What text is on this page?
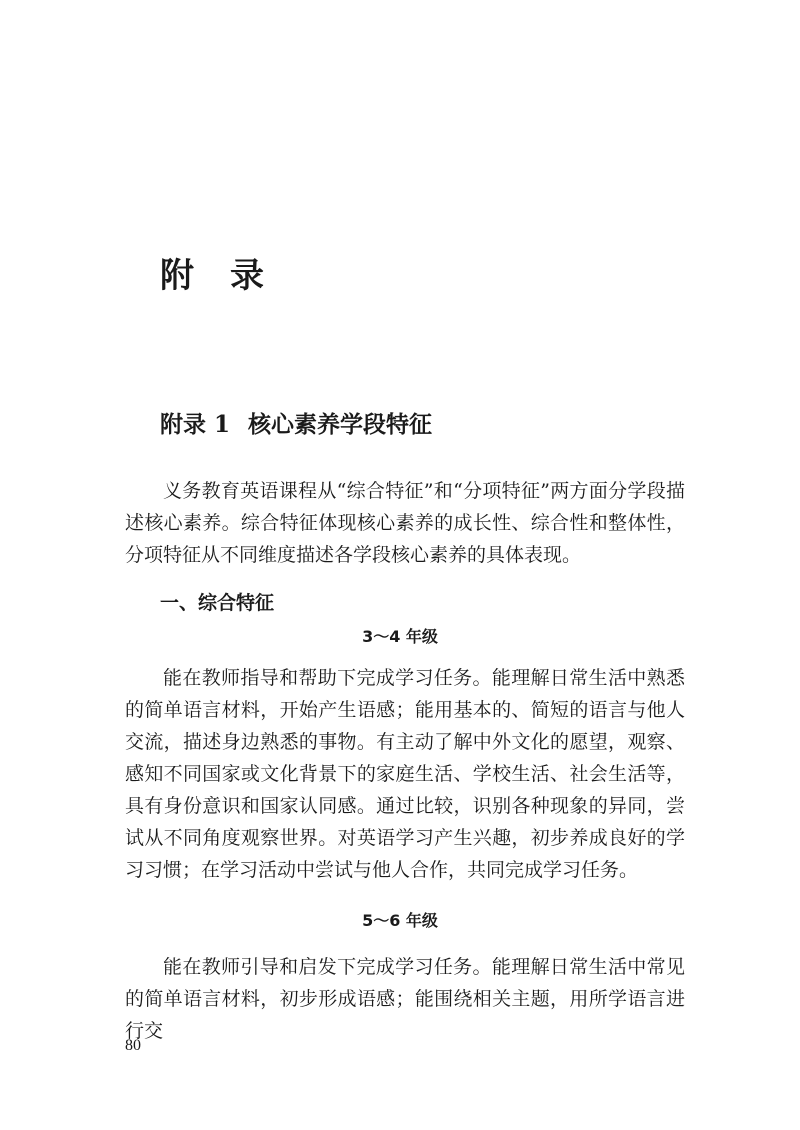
附录
附录 1 核心素养学段特征

义务教育英语课程从“综合特征”和“分项特征”两方面分学段描述核心素养。综合特征体现核心素养的成长性、综合性和整体性，分项特征从不同维度描述各学段核心素养的具体表现。

一、综合特征
3～4 年级

能在教师指导和帮助下完成学习任务。能理解日常生活中熟悉的简单语言材料，开始产生语感；能用基本的、简短的语言与他人交流，描述身边熟悉的事物。有主动了解中外文化的愿望，观察、感知不同国家或文化背景下的家庭生活、学校生活、社会生活等，具有身份意识和国家认同感。通过比较，识别各种现象的异同，尝试从不同角度观察世界。对英语学习产生兴趣，初步养成良好的学习习惯；在学习活动中尝试与他人合作，共同完成学习任务。

5～6 年级

能在教师引导和启发下完成学习任务。能理解日常生活中常见的简单语言材料，初步形成语感；能围绕相关主题，用所学语言进行交

80
